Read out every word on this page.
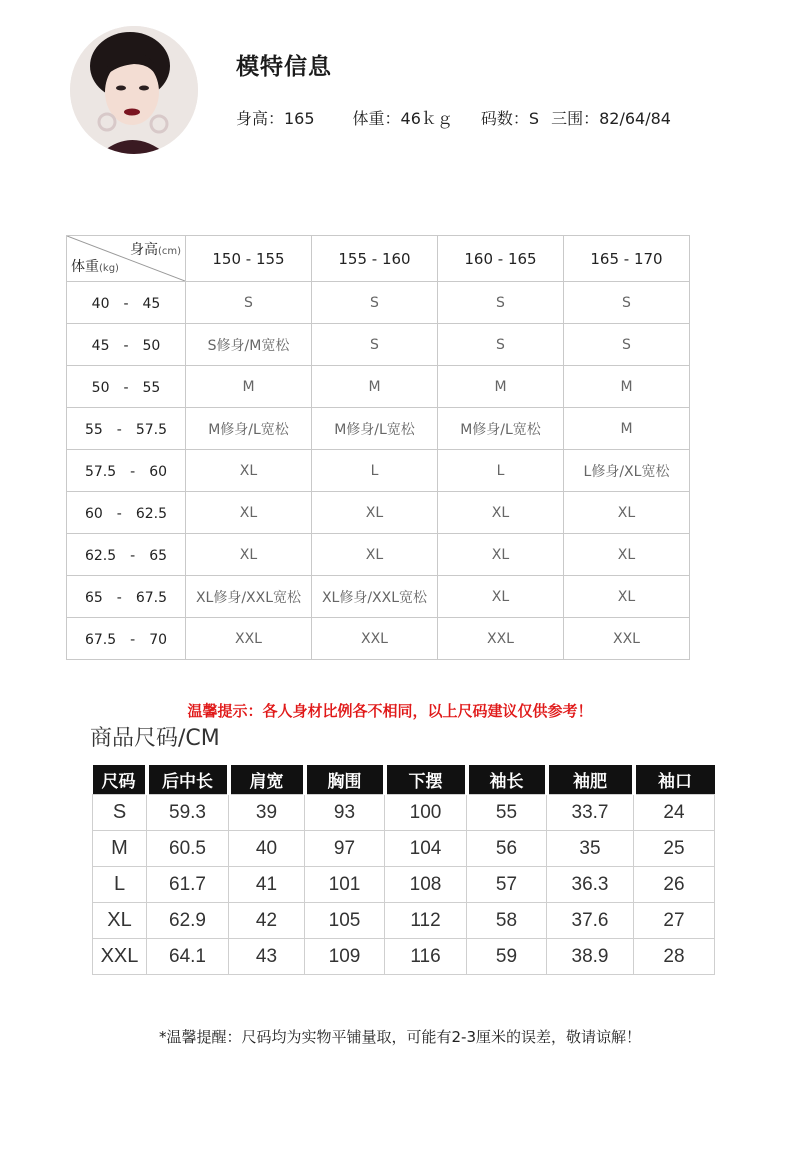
模特信息
身高：165 体重：46ｋｇ 码数：S 三围：82/64/84
身高(cm)
体重(kg)	150 - 155	155 - 160	160 - 165	165 - 170
40　-　45	S	S	S	S
45　-　50	S修身/M宽松	S	S	S
50　-　55	M	M	M	M
55　-　57.5	M修身/L宽松	M修身/L宽松	M修身/L宽松	M
57.5　-　60	XL	L	L	L修身/XL宽松
60　-　62.5	XL	XL	XL	XL
62.5　-　65	XL	XL	XL	XL
65　-　67.5	XL修身/XXL宽松	XL修身/XXL宽松	XL	XL
67.5　-　70	XXL	XXL	XXL	XXL
温馨提示：各人身材比例各不相同，以上尺码建议仅供参考！
商品尺码/CM
尺码	后中长	肩宽	胸围	下摆	袖长	袖肥	袖口
S	59.3	39	93	100	55	33.7	24
M	60.5	40	97	104	56	35	25
L	61.7	41	101	108	57	36.3	26
XL	62.9	42	105	112	58	37.6	27
XXL	64.1	43	109	116	59	38.9	28
*温馨提醒：尺码均为实物平铺量取，可能有2-3厘米的误差，敬请谅解！
